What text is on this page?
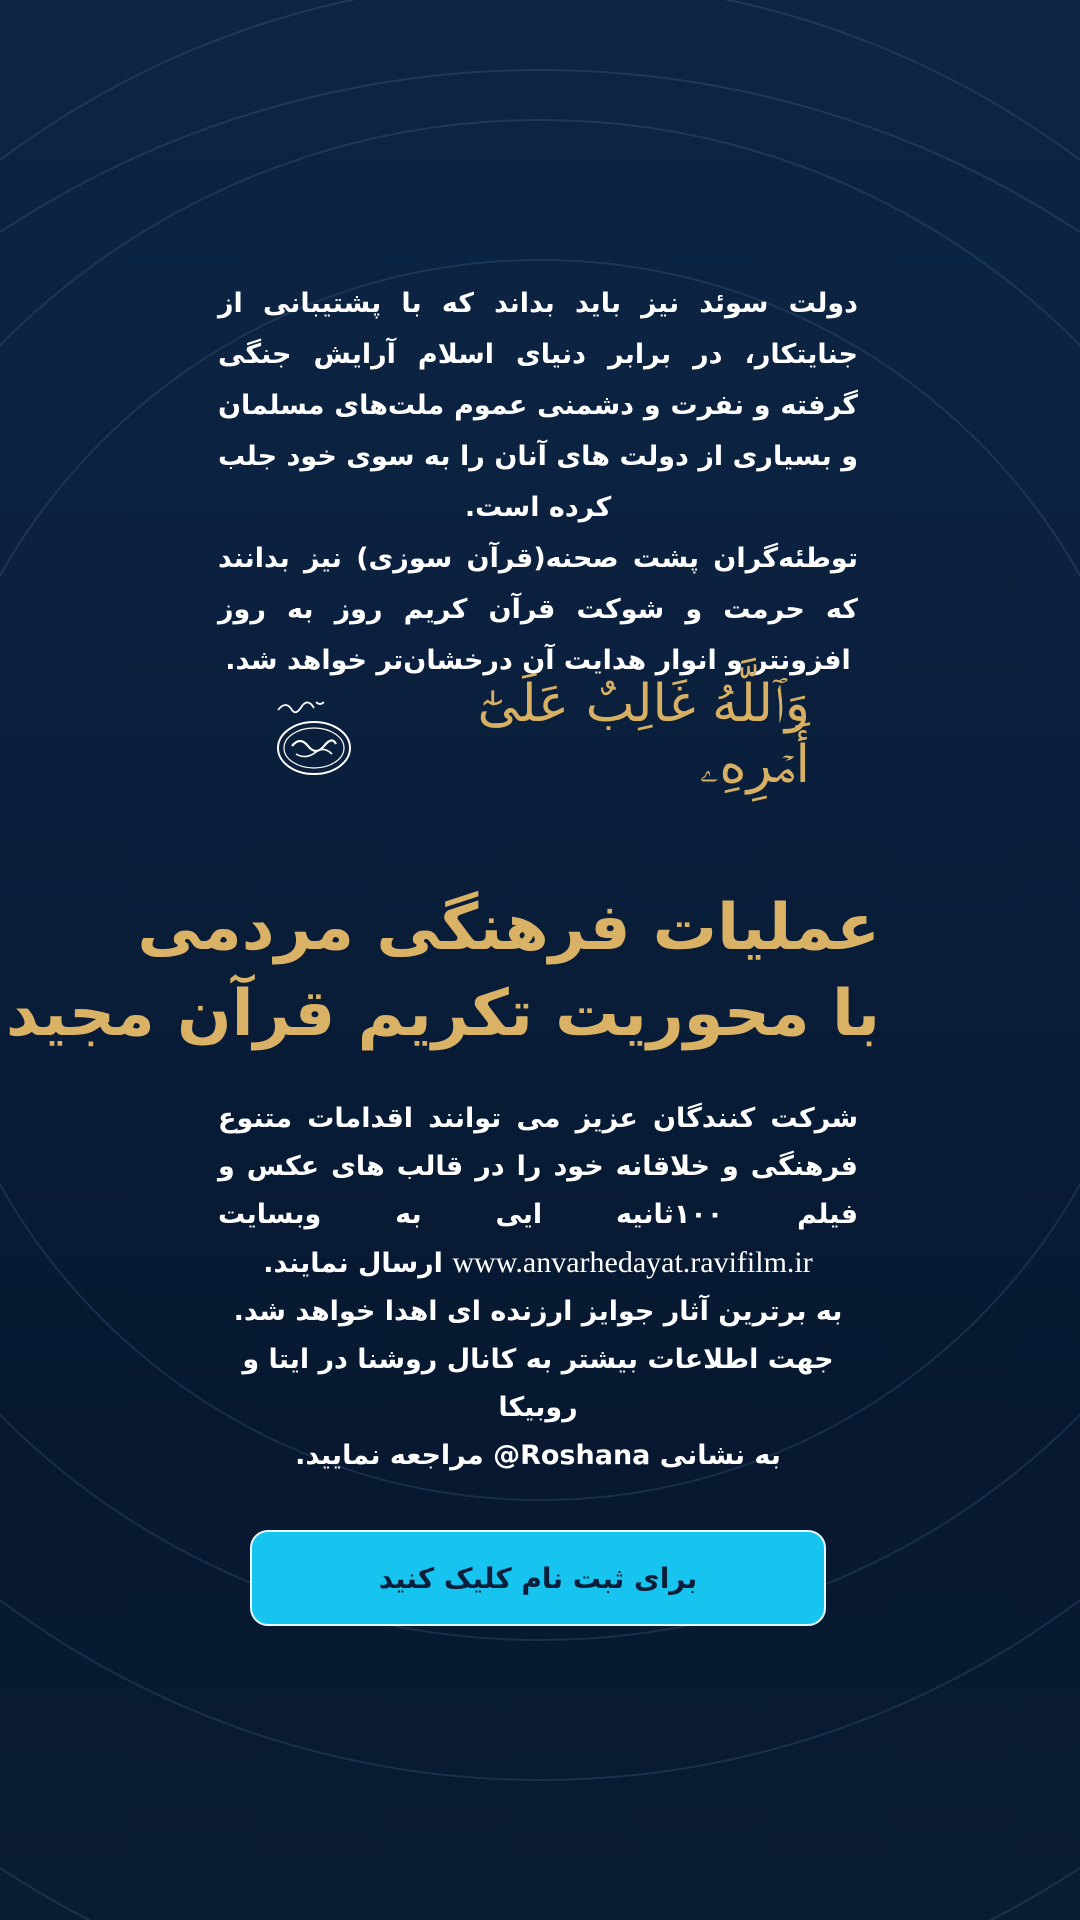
دولت سوئد نیز باید بداند که با پشتیبانی از جنایتکار، در برابر دنیای اسلام آرایش جنگی گرفته و نفرت و دشمنی عموم ملت‌های مسلمان و بسیاری از دولت های آنان را به سوی خود جلب کرده است.

توطئه‌گران پشت صحنه(قرآن سوزی) نیز بدانند که حرمت و شوکت قرآن کریم روز به روز افزونتر و انوار هدایت آن درخشان‌تر خواهد شد.

وَٱللَّهُ غَالِبٌ عَلَىٰٓ أَمۡرِهِۦ
عملیات فرهنگی مردمی
با محوریت تکریم قرآن مجید

شرکت کنندگان عزیز می توانند اقدامات متنوع

فرهنگی و خلاقانه خود را در قالب های عکس و

فیلم ۱۰۰ثانیه ایی به وبسایت

www.anvarhedayat.ravifilm.ir ارسال نمایند.

به برترین آثار جوایز ارزنده ای اهدا خواهد شد.

جهت اطلاعات بیشتر به کانال روشنا در ایتا و روبیکا

به نشانی Roshana@ مراجعه نمایید.

برای ثبت نام کلیک کنید
